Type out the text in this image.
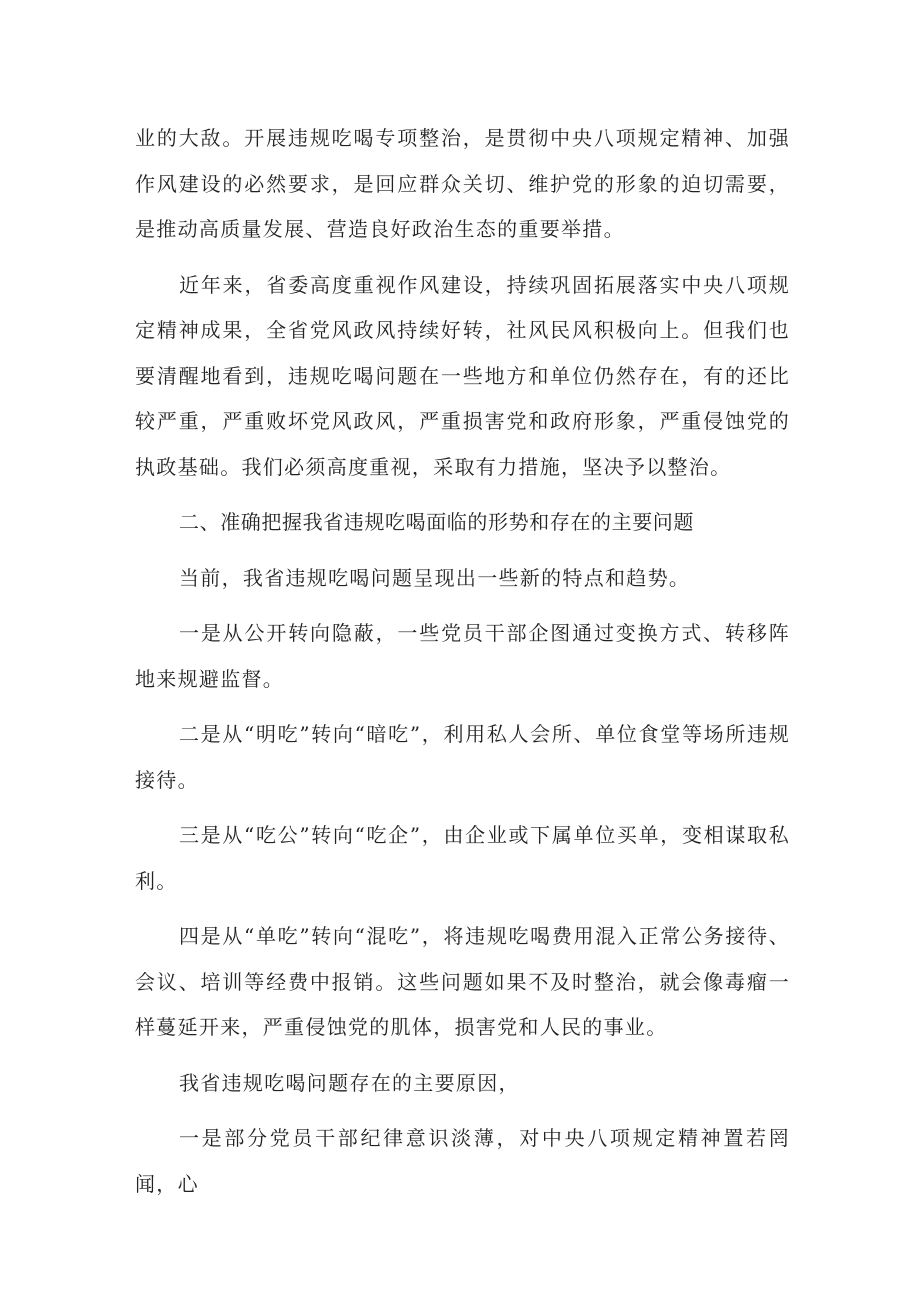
业的大敌。开展违规吃喝专项整治，是贯彻中央八项规定精神、加强作风建设的必然要求，是回应群众关切、维护党的形象的迫切需要，是推动高质量发展、营造良好政治生态的重要举措。

近年来，省委高度重视作风建设，持续巩固拓展落实中央八项规定精神成果，全省党风政风持续好转，社风民风积极向上。但我们也要清醒地看到，违规吃喝问题在一些地方和单位仍然存在，有的还比较严重，严重败坏党风政风，严重损害党和政府形象，严重侵蚀党的执政基础。我们必须高度重视，采取有力措施，坚决予以整治。

二、准确把握我省违规吃喝面临的形势和存在的主要问题

当前，我省违规吃喝问题呈现出一些新的特点和趋势。

一是从公开转向隐蔽，一些党员干部企图通过变换方式、转移阵地来规避监督。

二是从“明吃”转向“暗吃”，利用私人会所、单位食堂等场所违规接待。

三是从“吃公”转向“吃企”，由企业或下属单位买单，变相谋取私利。

四是从“单吃”转向“混吃”，将违规吃喝费用混入正常公务接待、会议、培训等经费中报销。这些问题如果不及时整治，就会像毒瘤一样蔓延开来，严重侵蚀党的肌体，损害党和人民的事业。

我省违规吃喝问题存在的主要原因，

一是部分党员干部纪律意识淡薄，对中央八项规定精神置若罔闻，心
